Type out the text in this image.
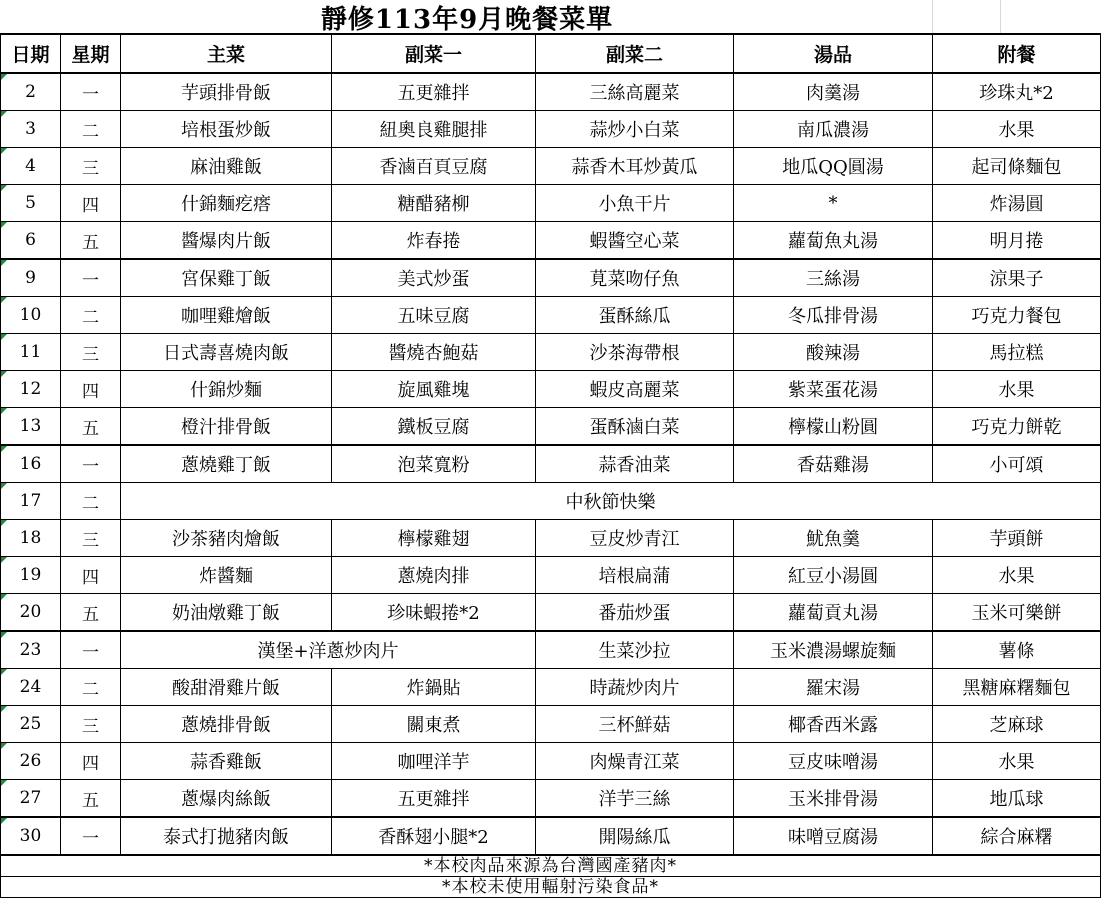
靜修113年9月晚餐菜單
日期	星期	主菜	副菜一	副菜二	湯品	附餐
2	一	芋頭排骨飯	五更雜拌	三絲高麗菜	肉羹湯	珍珠丸*2
3	二	培根蛋炒飯	紐奧良雞腿排	蒜炒小白菜	南瓜濃湯	水果
4	三	麻油雞飯	香滷百頁豆腐	蒜香木耳炒黃瓜	地瓜QQ圓湯	起司條麵包
5	四	什錦麵疙瘩	糖醋豬柳	小魚干片	*	炸湯圓
6	五	醬爆肉片飯	炸春捲	蝦醬空心菜	蘿蔔魚丸湯	明月捲
9	一	宮保雞丁飯	美式炒蛋	莧菜吻仔魚	三絲湯	涼果子
10	二	咖哩雞燴飯	五味豆腐	蛋酥絲瓜	冬瓜排骨湯	巧克力餐包
11	三	日式壽喜燒肉飯	醬燒杏鮑菇	沙茶海帶根	酸辣湯	馬拉糕
12	四	什錦炒麵	旋風雞塊	蝦皮高麗菜	紫菜蛋花湯	水果
13	五	橙汁排骨飯	鐵板豆腐	蛋酥滷白菜	檸檬山粉圓	巧克力餅乾
16	一	蔥燒雞丁飯	泡菜寬粉	蒜香油菜	香菇雞湯	小可頌
17	二	中秋節快樂				
18	三	沙茶豬肉燴飯	檸檬雞翅	豆皮炒青江	魷魚羹	芋頭餅
19	四	炸醬麵	蔥燒肉排	培根扁蒲	紅豆小湯圓	水果
20	五	奶油燉雞丁飯	珍味蝦捲*2	番茄炒蛋	蘿蔔貢丸湯	玉米可樂餅
23	一	漢堡+洋蔥炒肉片		生菜沙拉	玉米濃湯螺旋麵	薯條
24	二	酸甜滑雞片飯	炸鍋貼	時蔬炒肉片	羅宋湯	黑糖麻糬麵包
25	三	蔥燒排骨飯	關東煮	三杯鮮菇	椰香西米露	芝麻球
26	四	蒜香雞飯	咖哩洋芋	肉燥青江菜	豆皮味噌湯	水果
27	五	蔥爆肉絲飯	五更雜拌	洋芋三絲	玉米排骨湯	地瓜球
30	一	泰式打拋豬肉飯	香酥翅小腿*2	開陽絲瓜	味噌豆腐湯	綜合麻糬
*本校肉品來源為台灣國產豬肉*						
*本校未使用輻射污染食品*						
